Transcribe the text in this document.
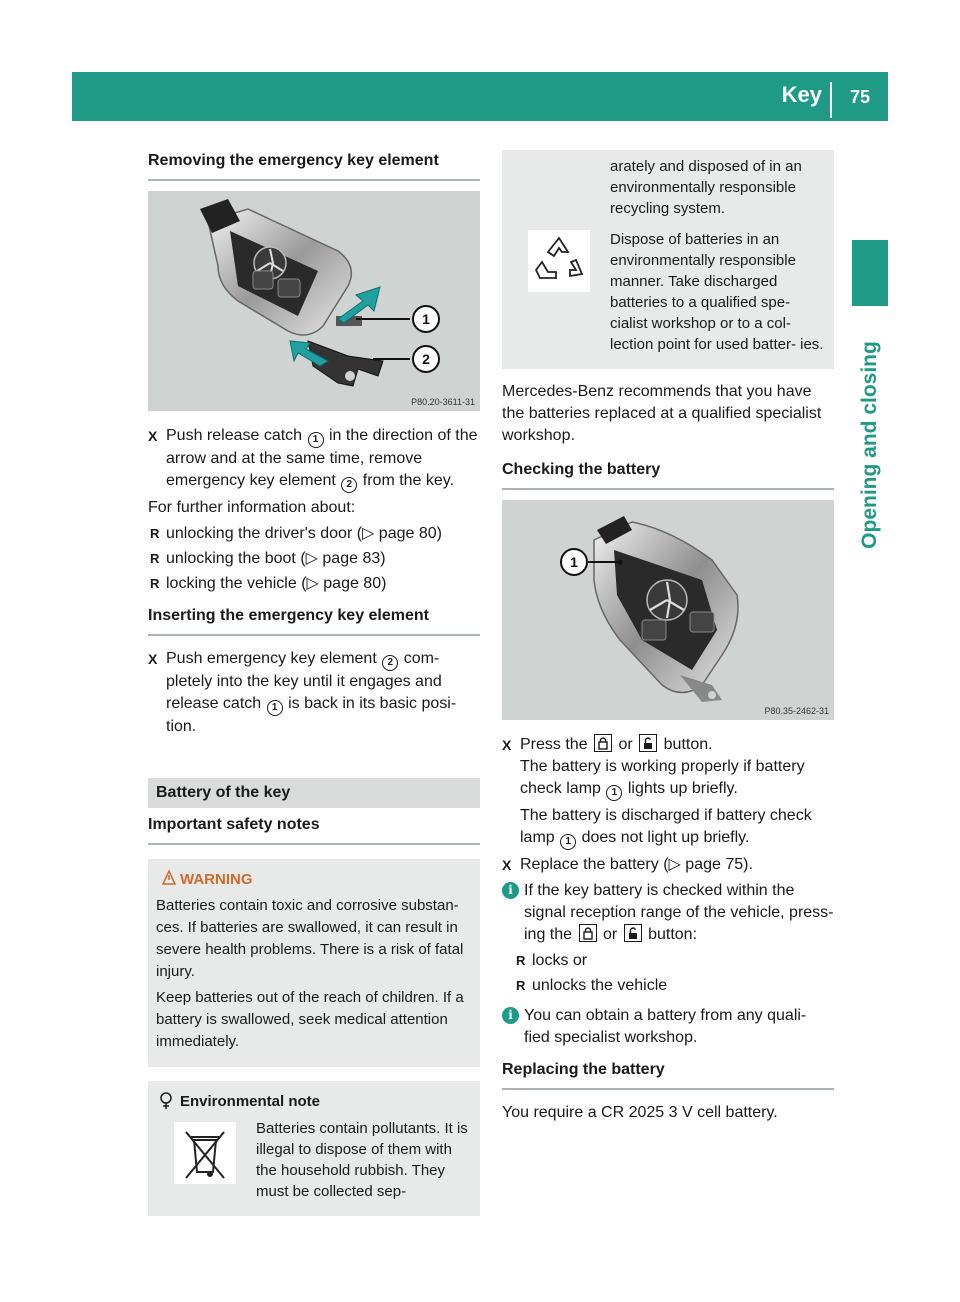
Key 75
Opening and closing
Removing the emergency key element
1
2
P80.20-3611-31
X Push release catch 1 in the direction of the arrow and at the same time, remove emergency key element 2 from the key.

For further information about:

R unlocking the driver's door (▷ page 80)
R unlocking the boot (▷ page 83)
R locking the vehicle (▷ page 80)
Inserting the emergency key element
X Push emergency key element 2 com- pletely into the key until it engages and release catch 1 is back in its basic posi- tion.
Battery of the key
Important safety notes
WARNING

Batteries contain toxic and corrosive substan- ces. If batteries are swallowed, it can result in severe health problems. There is a risk of fatal injury.

Keep batteries out of the reach of children. If a battery is swallowed, seek medical attention immediately.

Environmental note

Batteries contain pollutants. It is illegal to dispose of them with the household rubbish. They must be collected sep-

arately and disposed of in an environmentally responsible recycling system.

Dispose of batteries in an environmentally responsible manner. Take discharged batteries to a qualified spe- cialist workshop or to a col- lection point for used batter- ies.

Mercedes-Benz recommends that you have the batteries replaced at a qualified specialist workshop.

Checking the battery
1
P80.35-2462-31
X Press the or button.
The battery is working properly if battery check lamp 1 lights up briefly.
The battery is discharged if battery check lamp 1 does not light up briefly.
X Replace the battery (▷ page 75).
i If the key battery is checked within the signal reception range of the vehicle, press- ing the or button:
R locks or
R unlocks the vehicle
i You can obtain a battery from any quali- fied specialist workshop.
Replacing the battery

You require a CR 2025 3 V cell battery.
